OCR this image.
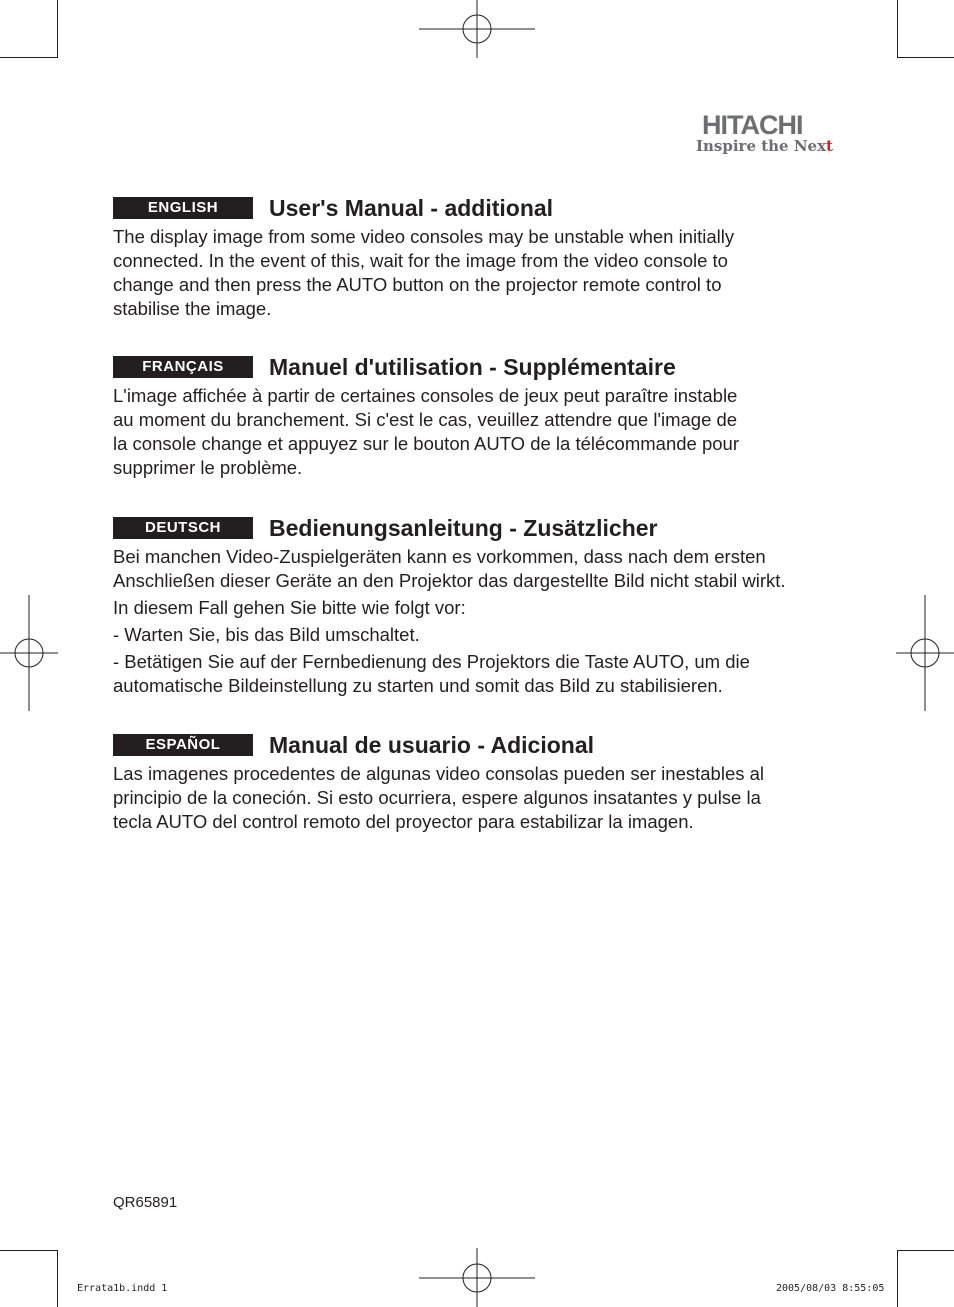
HITACHI
Inspire the Next
ENGLISH	User's Manual - additional

The display image from some video consoles may be unstable when initially
connected. In the event of this, wait for the image from the video console to
change and then press the AUTO button on the projector remote control to
stabilise the image.

FRANÇAIS	Manuel d'utilisation - Supplémentaire

L'image affichée à partir de certaines consoles de jeux peut paraître instable
au moment du branchement. Si c'est le cas, veuillez attendre que l'image de
la console change et appuyez sur le bouton AUTO de la télécommande pour
supprimer le problème.

DEUTSCH	Bedienungsanleitung - Zusätzlicher

Bei manchen Video-Zuspielgeräten kann es vorkommen, dass nach dem ersten
Anschließen dieser Geräte an den Projektor das dargestellte Bild nicht stabil wirkt.

In diesem Fall gehen Sie bitte wie folgt vor:

- Warten Sie, bis das Bild umschaltet.

- Betätigen Sie auf der Fernbedienung des Projektors die Taste AUTO, um die
automatische Bildeinstellung zu starten und somit das Bild zu stabilisieren.

ESPAÑOL	Manual de usuario - Adicional

Las imagenes procedentes de algunas video consolas pueden ser inestables al
principio de la coneción. Si esto ocurriera, espere algunos insatantes y pulse la
tecla AUTO del control remoto del proyector para estabilizar la imagen.

QR65891
Errata1b.indd 1	2005/08/03 8:55:05
